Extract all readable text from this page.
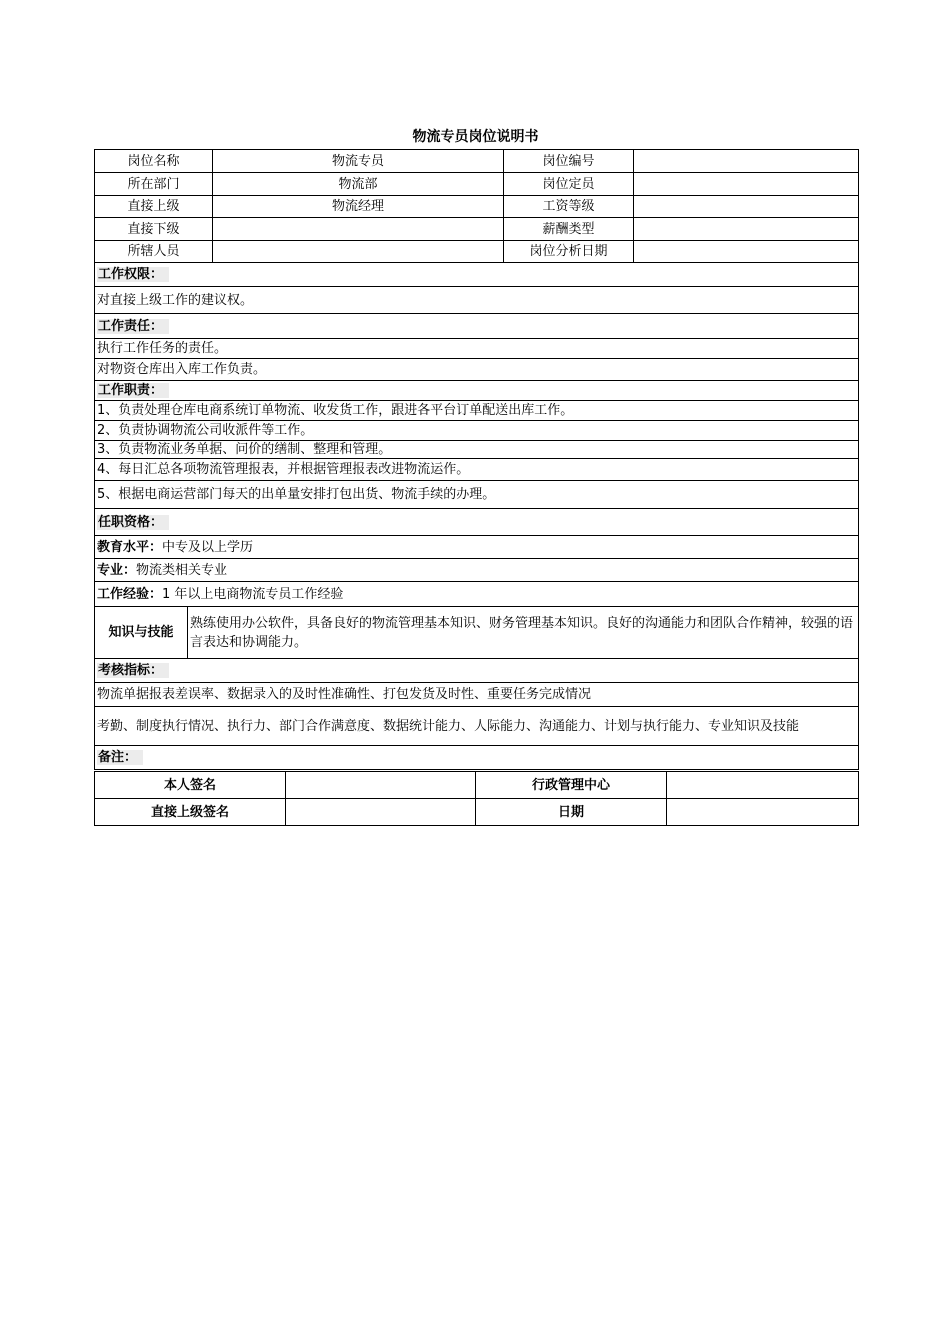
物流专员岗位说明书
岗位名称	物流专员	岗位编号	
所在部门	物流部	岗位定员	
直接上级	物流经理	工资等级	
直接下级		薪酬类型	
所辖人员		岗位分析日期	
工作权限：
对直接上级工作的建议权。
工作责任：
执行工作任务的责任。
对物资仓库出入库工作负责。
工作职责：
1、负责处理仓库电商系统订单物流、收发货工作，跟进各平台订单配送出库工作。
2、负责协调物流公司收派件等工作。
3、负责物流业务单据、问价的缮制、整理和管理。
4、每日汇总各项物流管理报表，并根据管理报表改进物流运作。
5、根据电商运营部门每天的出单量安排打包出货、物流手续的办理。
任职资格：
教育水平：中专及以上学历
专业：物流类相关专业
工作经验：1 年以上电商物流专员工作经验
知识与技能	熟练使用办公软件，具备良好的物流管理基本知识、财务管理基本知识。良好的沟通能力和团队合作精神，较强的语言表达和协调能力。
考核指标：
物流单据报表差误率、数据录入的及时性准确性、打包发货及时性、重要任务完成情况
考勤、制度执行情况、执行力、部门合作满意度、数据统计能力、人际能力、沟通能力、计划与执行能力、专业知识及技能
备注：
本人签名		行政管理中心	
直接上级签名		日期	
